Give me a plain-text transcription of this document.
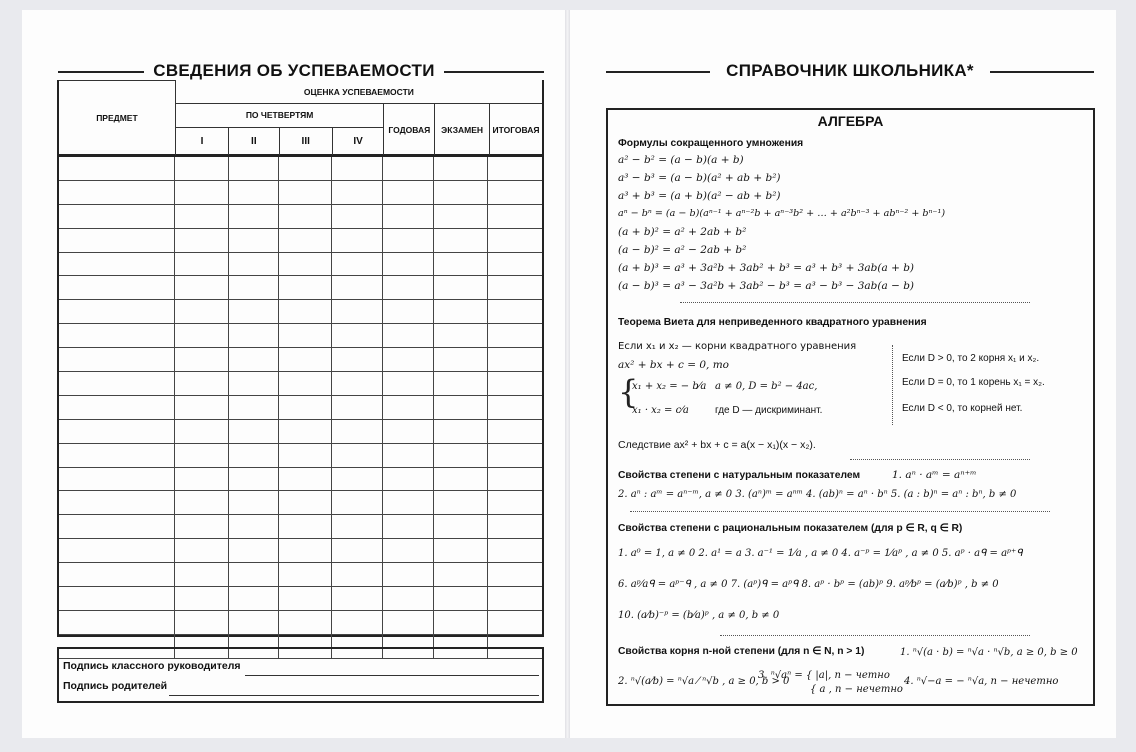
СВЕДЕНИЯ ОБ УСПЕВАЕМОСТИ
ПРЕДМЕТ	ОЦЕНКА УСПЕВАЕМОСТИ						
	ПО ЧЕТВЕРТЯМ				ГОДОВАЯ	ЭКЗАМЕН	ИТОГОВАЯ
	I	II	III	IV			

Подпись классного руководителя
Подпись родителей
СПРАВОЧНИК ШКОЛЬНИКА*
АЛГЕБРА
Формулы сокращенного умножения
a² − b² = (a − b)(a + b)
a³ − b³ = (a − b)(a² + ab + b²)
a³ + b³ = (a + b)(a² − ab + b²)
aⁿ − bⁿ = (a − b)(aⁿ⁻¹ + aⁿ⁻²b + aⁿ⁻³b² + … + a²bⁿ⁻³ + abⁿ⁻² + bⁿ⁻¹)
(a + b)² = a² + 2ab + b²
(a − b)² = a² − 2ab + b²
(a + b)³ = a³ + 3a²b + 3ab² + b³ = a³ + b³ + 3ab(a + b)
(a − b)³ = a³ − 3a²b + 3ab² − b³ = a³ − b³ − 3ab(a − b)
Теорема Виета для неприведенного квадратного уравнения
Если x₁ и x₂ — корни квадратного уравнения
ax² + bx + c = 0, то
{
x₁ + x₂ = − b⁄a
x₁ · x₂ = c⁄a
a ≠ 0, D = b² − 4ac,
где D — дискриминант.
Если D > 0, то 2 корня x₁ и x₂.
Если D = 0, то 1 корень x₁ = x₂.
Если D < 0, то корней нет.
Следствие ax² + bx + c = a(x − x₁)(x − x₂).
Свойства степени с натуральным показателем	1. aⁿ · aᵐ = aⁿ⁺ᵐ
2. aⁿ : aᵐ = aⁿ⁻ᵐ, a ≠ 0 3. (aⁿ)ᵐ = aⁿᵐ 4. (ab)ⁿ = aⁿ · bⁿ 5. (a : b)ⁿ = aⁿ : bⁿ, b ≠ 0
Свойства степени с рациональным показателем (для p ∈ R, q ∈ R)
1. a⁰ = 1, a ≠ 0 2. a¹ = a 3. a⁻¹ = 1⁄a , a ≠ 0 4. a⁻ᵖ = 1⁄aᵖ , a ≠ 0 5. aᵖ · aᑫ = aᵖ⁺ᑫ
6. aᵖ⁄aᑫ = aᵖ⁻ᑫ , a ≠ 0 7. (aᵖ)ᑫ = aᵖᑫ 8. aᵖ · bᵖ = (ab)ᵖ 9. aᵖ⁄bᵖ = (a⁄b)ᵖ , b ≠ 0
10. (a⁄b)⁻ᵖ = (b⁄a)ᵖ , a ≠ 0, b ≠ 0
Свойства корня n-ной степени (для n ∈ N, n > 1)	1. ⁿ√(a · b) = ⁿ√a · ⁿ√b, a ≥ 0, b ≥ 0
2. ⁿ√(a⁄b) = ⁿ√a ⁄ ⁿ√b , a ≥ 0, b > 0
3. ⁿ√aⁿ = { |a|, n − четно
{ a , n − нечетно
4. ⁿ√−a = − ⁿ√a, n − нечетно
